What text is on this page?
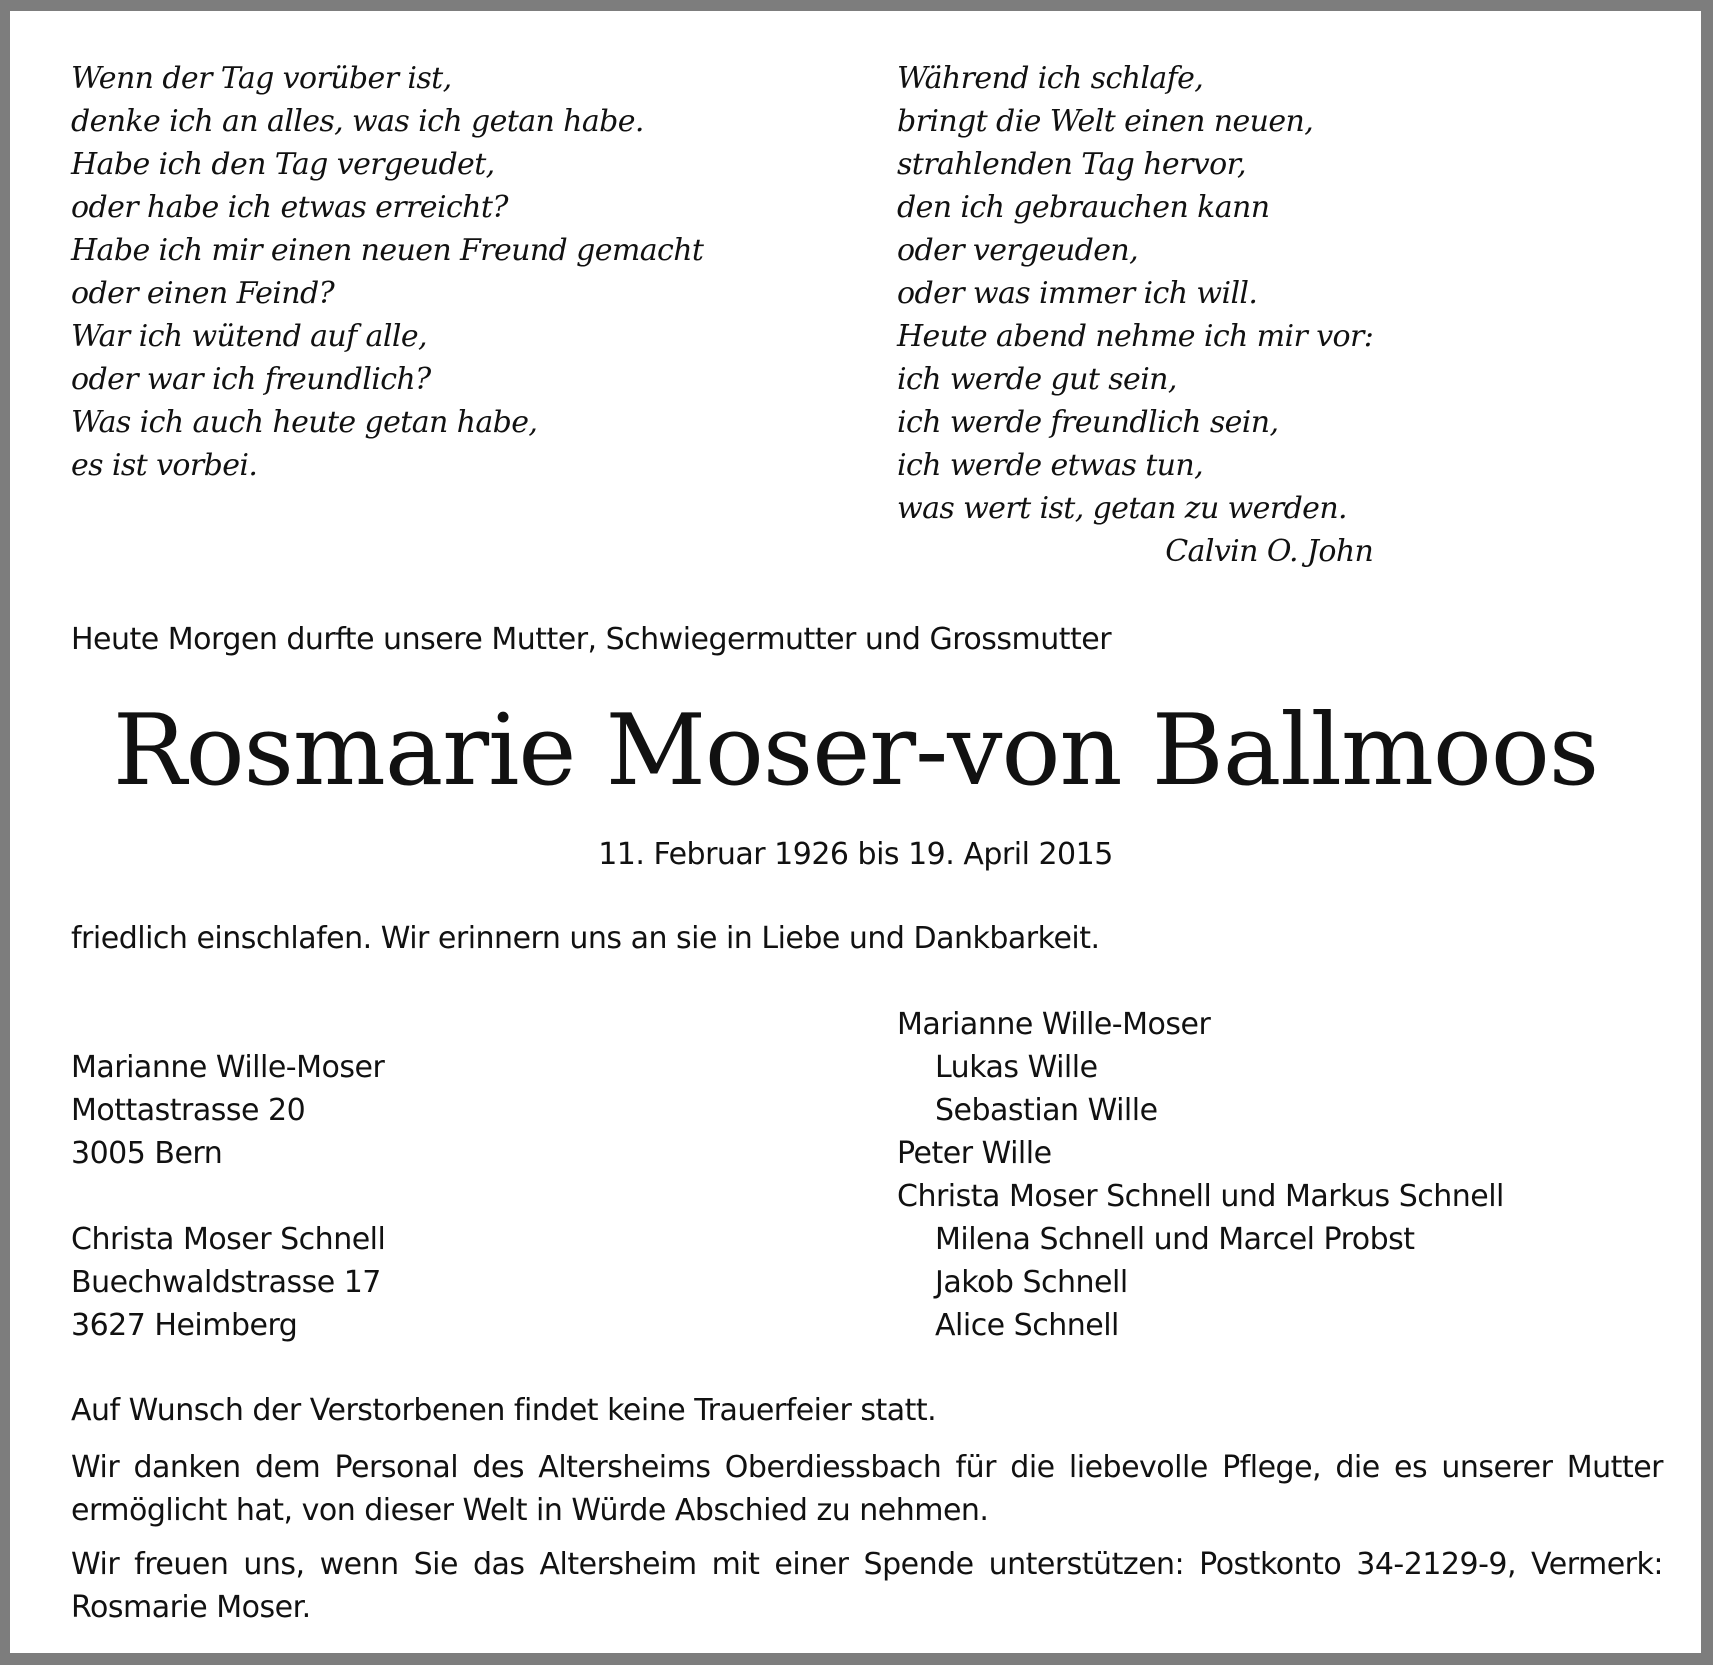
Wenn der Tag vorüber ist,
denke ich an alles, was ich getan habe.
Habe ich den Tag vergeudet,
oder habe ich etwas erreicht?
Habe ich mir einen neuen Freund gemacht
oder einen Feind?
War ich wütend auf alle,
oder war ich freundlich?
Was ich auch heute getan habe,
es ist vorbei.
Während ich schlafe,
bringt die Welt einen neuen,
strahlenden Tag hervor,
den ich gebrauchen kann
oder vergeuden,
oder was immer ich will.
Heute abend nehme ich mir vor:
ich werde gut sein,
ich werde freundlich sein,
ich werde etwas tun,
was wert ist, getan zu werden.
Calvin O. John
Heute Morgen durfte unsere Mutter, Schwiegermutter und Grossmutter
Rosmarie Moser-von Ballmoos
11. Februar 1926 bis 19. April 2015
friedlich einschlafen. Wir erinnern uns an sie in Liebe und Dankbarkeit.
Marianne Wille-Moser
Mottastrasse 20
3005 Bern
Christa Moser Schnell
Buechwaldstrasse 17
3627 Heimberg
Marianne Wille-Moser
Lukas Wille
Sebastian Wille
Peter Wille
Christa Moser Schnell und Markus Schnell
Milena Schnell und Marcel Probst
Jakob Schnell
Alice Schnell
Auf Wunsch der Verstorbenen findet keine Trauerfeier statt.
Wir danken dem Personal des Altersheims Oberdiessbach für die liebevolle Pflege, die es unserer Mutter ermöglicht hat, von dieser Welt in Würde Abschied zu nehmen.
Wir freuen uns, wenn Sie das Altersheim mit einer Spende unterstützen: Postkonto 34-2129-9, Vermerk: Rosmarie Moser.
